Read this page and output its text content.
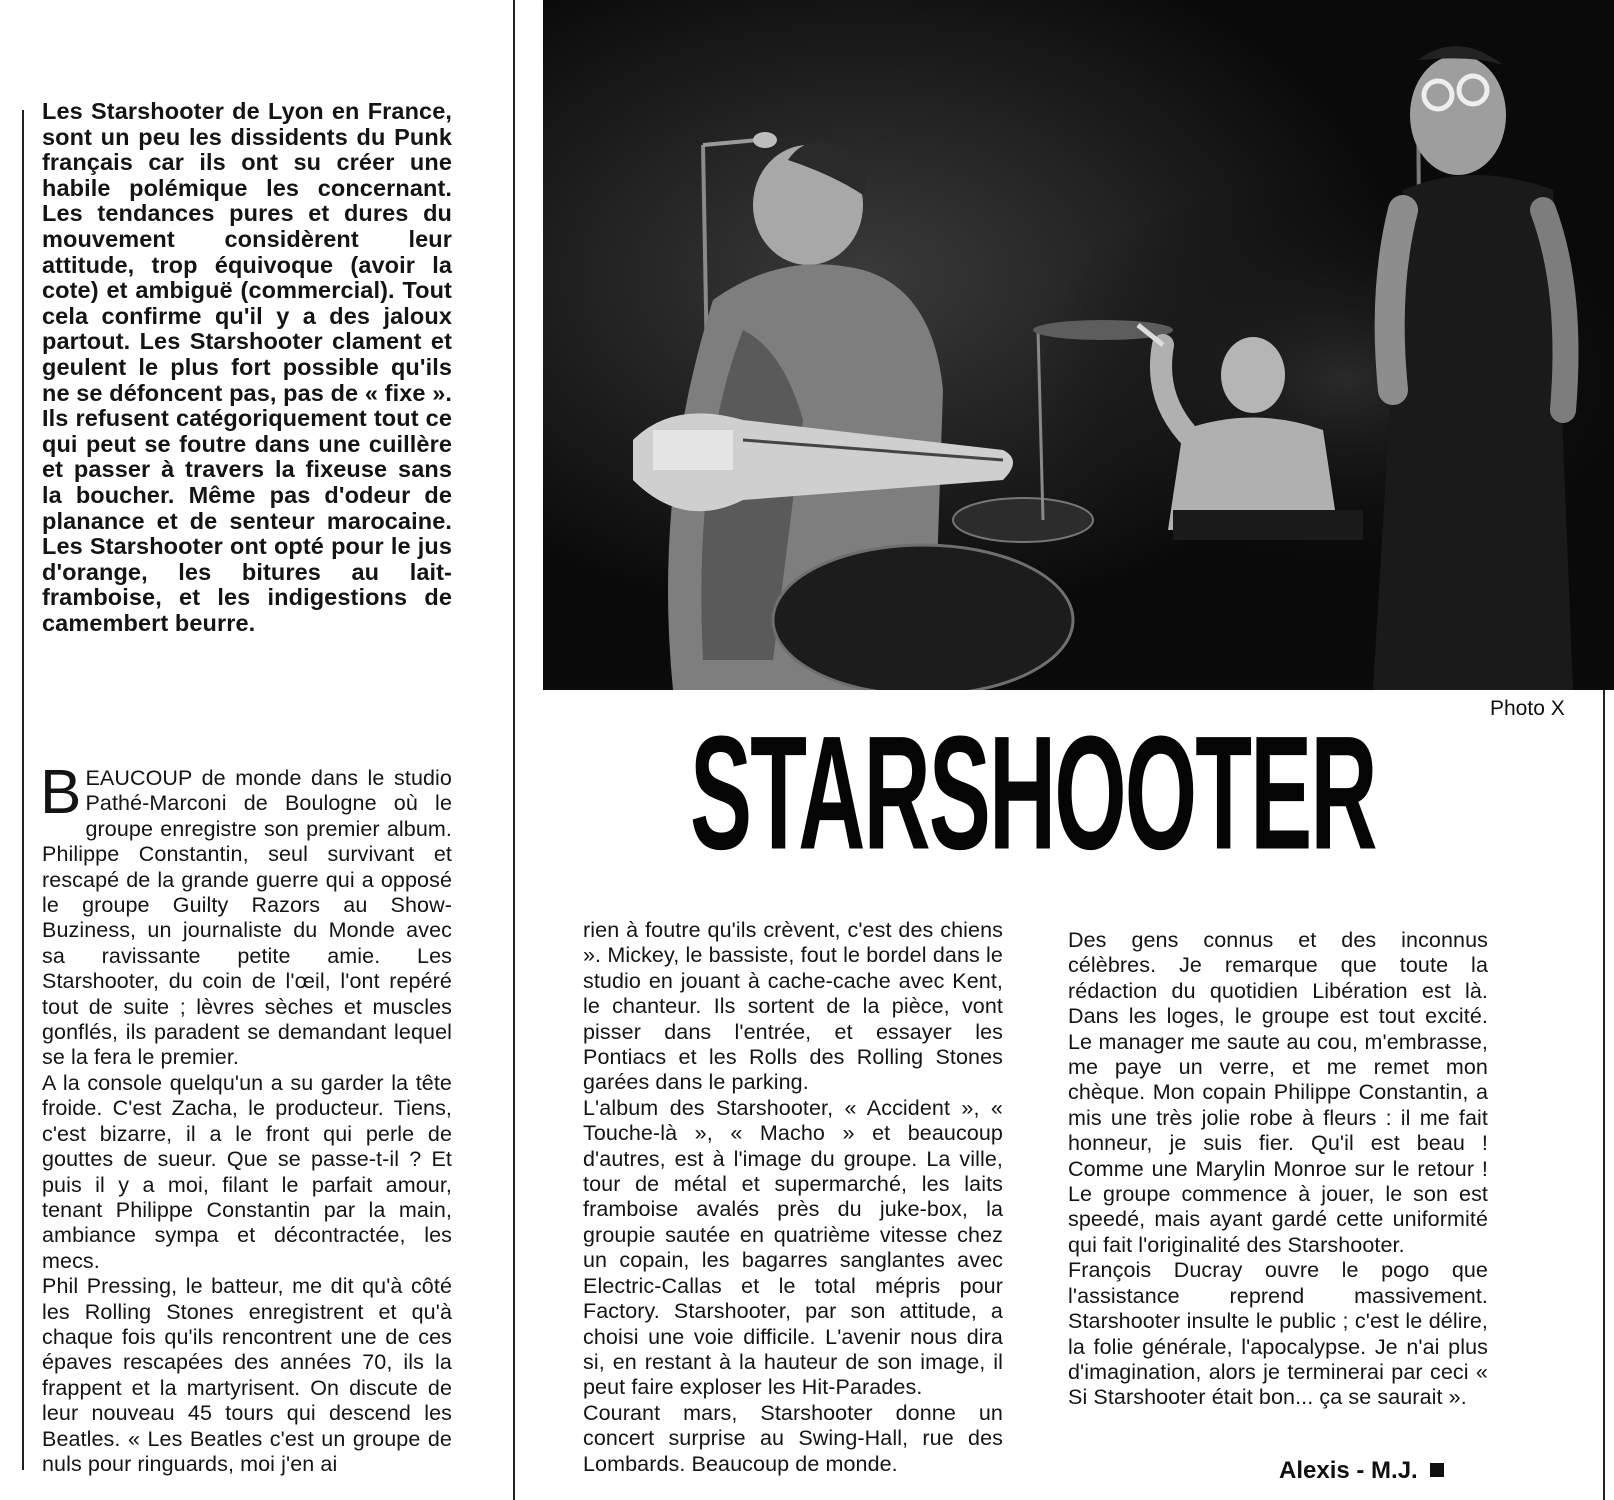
Les Starshooter de Lyon en France, sont un peu les dissidents du Punk français car ils ont su créer une habile polémique les concernant. Les tendances pures et dures du mouvement considèrent leur attitude, trop équivoque (avoir la cote) et ambiguë (commercial). Tout cela confirme qu'il y a des jaloux partout. Les Starshooter clament et geulent le plus fort possible qu'ils ne se défoncent pas, pas de « fixe ». Ils refusent catégoriquement tout ce qui peut se foutre dans une cuillère et passer à travers la fixeuse sans la boucher. Même pas d'odeur de planance et de senteur marocaine. Les Starshooter ont opté pour le jus d'orange, les bitures au lait-framboise, et les indigestions de camembert beurre.

Photo X
STARSHOOTER

BEAUCOUP de monde dans le studio Pathé-Marconi de Boulogne où le groupe enregistre son premier album. Philippe Constantin, seul survivant et rescapé de la grande guerre qui a opposé le groupe Guilty Razors au Show-Buziness, un journaliste du Monde avec sa ravissante petite amie. Les Starshooter, du coin de l'œil, l'ont repéré tout de suite ; lèvres sèches et muscles gonflés, ils paradent se demandant lequel se la fera le premier.

A la console quelqu'un a su garder la tête froide. C'est Zacha, le producteur. Tiens, c'est bizarre, il a le front qui perle de gouttes de sueur. Que se passe-t-il ? Et puis il y a moi, filant le parfait amour, tenant Philippe Constantin par la main, ambiance sympa et décontractée, les mecs.

Phil Pressing, le batteur, me dit qu'à côté les Rolling Stones enregistrent et qu'à chaque fois qu'ils rencontrent une de ces épaves rescapées des années 70, ils la frappent et la martyrisent. On discute de leur nouveau 45 tours qui descend les Beatles. « Les Beatles c'est un groupe de nuls pour ringuards, moi j'en ai

rien à foutre qu'ils crèvent, c'est des chiens ». Mickey, le bassiste, fout le bordel dans le studio en jouant à cache-cache avec Kent, le chanteur. Ils sortent de la pièce, vont pisser dans l'entrée, et essayer les Pontiacs et les Rolls des Rolling Stones garées dans le parking.

L'album des Starshooter, « Accident », « Touche-là », « Macho » et beaucoup d'autres, est à l'image du groupe. La ville, tour de métal et supermarché, les laits framboise avalés près du juke-box, la groupie sautée en quatrième vitesse chez un copain, les bagarres sanglantes avec Electric-Callas et le total mépris pour Factory. Starshooter, par son attitude, a choisi une voie difficile. L'avenir nous dira si, en restant à la hauteur de son image, il peut faire exploser les Hit-Parades.

Courant mars, Starshooter donne un concert surprise au Swing-Hall, rue des Lombards. Beaucoup de monde.

Des gens connus et des inconnus célèbres. Je remarque que toute la rédaction du quotidien Libération est là. Dans les loges, le groupe est tout excité. Le manager me saute au cou, m'embrasse, me paye un verre, et me remet mon chèque. Mon copain Philippe Constantin, a mis une très jolie robe à fleurs : il me fait honneur, je suis fier. Qu'il est beau ! Comme une Marylin Monroe sur le retour ! Le groupe commence à jouer, le son est speedé, mais ayant gardé cette uniformité qui fait l'originalité des Starshooter.

François Ducray ouvre le pogo que l'assistance reprend massivement. Starshooter insulte le public ; c'est le délire, la folie générale, l'apocalypse. Je n'ai plus d'imagination, alors je terminerai par ceci « Si Starshooter était bon... ça se saurait ».

Alexis - M.J.
